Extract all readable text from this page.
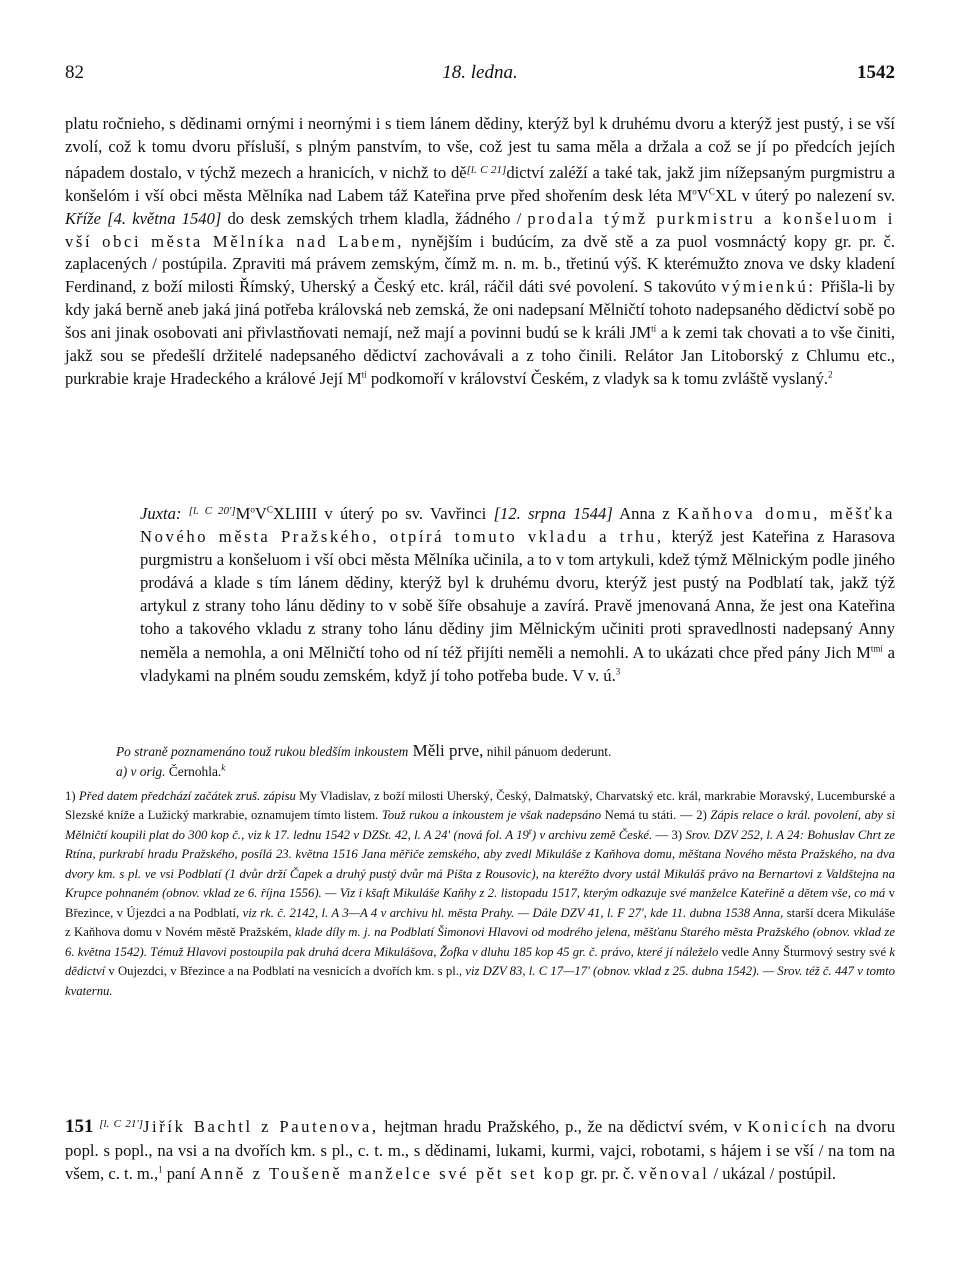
82	18. ledna.	1542

platu ročnieho, s dědinami ornými i neornými i s tiem lánem dědiny, kterýž byl k druhému dvoru a kterýž jest pustý, i se vší zvolí, což k tomu dvoru přísluší, s plným panstvím, to vše, což jest tu sama měla a držala a což se jí po předcích jejích nápadem dostalo, v týchž mezech a hranicích, v nichž to dě[l. C 21]dictví zaléží a také tak, jakž jim nížepsaným purgmistru a konšelóm i vší obci města Mělníka nad Labem táž Kateřina prve před shořením desk léta $M^oV^CXL$ v úterý po nalezení sv. Kříže [4. května 1540] do desk zemských trhem kladla, žádného / prodala týmž purkmistru a konšeluom i vší obci města Mělníka nad Labem, nynějším i budúcím, za dvě stě a za puol vosmnáctý kopy gr. pr. č. zaplacených / postúpila. Zpraviti má právem zemským, čímž m. n. m. b., třetinú výš. K kterémužto znova ve dsky kladení Ferdinand, z boží milosti Římský, Uherský a Český etc. král, ráčil dáti své povolení. S takovúto výmienkú: Přišla-li by kdy jaká berně aneb jaká jiná potřeba královská neb zemská, že oni nadepsaní Mělničtí tohoto nadepsaného dědictví sobě po šos ani jinak osobovati ani přivlastňovati nemají, než mají a povinni budú se k králi $JM^{tí}$ a k zemi tak chovati a to vše činiti, jakž sou se předešlí držitelé nadepsaného dědictví zachovávali a z toho činili. Relátor Jan Litoborský z Chlumu etc., purkrabie kraje Hradeckého a králové Její $M^{tí}$ podkomoří v království Českém, z vladyk sa k tomu zvláště vyslaný.$^2$

Juxta: $[l. C 20']M^oV^CXLIIII$ v úterý po sv. Vavřinci [12. srpna 1544] Anna z Kaňhova domu, měšťka Nového města Pražského, otpírá tomuto vkladu a trhu, kterýž jest Kateřina z Harasova purgmistru a konšeluom i vší obci města Mělníka učinila, a to v tom artykuli, kdež týmž Mělnickým podle jiného prodává a klade s tím lánem dědiny, kterýž byl k druhému dvoru, kterýž jest pustý na Podblatí tak, jakž týž artykul z strany toho lánu dědiny to v sobě šíře obsahuje a zavírá. Pravě jmenovaná Anna, že jest ona Kateřina toho a takového vkladu z strany toho lánu dědiny jim Mělnickým učiniti proti spravedlnosti nadepsaný Anny neměla a nemohla, a oni Mělničtí toho od ní též přijíti neměli a nemohli. A to ukázati chce před pány Jich $M^{tmí}$ a vladykami na plném soudu zemském, když jí toho potřeba bude. V v. ú.$^3$

Po straně poznamenáno touž rukou bledším inkoustem Měli prve, nihil pánuom dederunt.

a) v orig. Černohla.$^k$

1) Před datem předchází začátek zruš. zápisu My Vladislav, z boží milosti Uherský, Český, Dalmatský, Charvatský etc. král, markrabie Moravský, Lucemburské a Slezské kníže a Lužický markrabie, oznamujem tímto listem. Touž rukou a inkoustem je však nadepsáno Nemá tu státi. — 2) Zápis relace o král. povolení, aby si Mělničtí koupili plat do 300 kop č., viz k 17. lednu 1542 v DZSt. 42, l. A 24' (nová fol. A 19$^r$) v archivu země České. — 3) Srov. DZV 252, l. A 24: Bohuslav Chrt ze Rtína, purkrabí hradu Pražského, posílá 23. května 1516 Jana měřiče zemského, aby zvedl Mikuláše z Kaňhova domu, měštana Nového města Pražského, na dva dvory km. s pl. ve vsi Podblatí (1 dvůr drží Čapek a druhý pustý dvůr má Pišta z Rousovic), na kteréžto dvory ustál Mikuláš právo na Bernartovi z Valdštejna na Krupce pohnaném (obnov. vklad ze 6. října 1556). — Viz i kšaft Mikuláše Kaňhy z 2. listopadu 1517, kterým odkazuje své manželce Kateřině a dětem vše, co má v Březince, v Újezdci a na Podblatí, viz rk. č. 2142, l. A 3—A 4 v archivu hl. města Prahy. — Dále DZV 41, l. F 27', kde 11. dubna 1538 Anna, starší dcera Mikuláše z Kaňhova domu v Novém městě Pražském, klade díly m. j. na Podblatí Šimonovi Hlavovi od modrého jelena, měšťanu Starého města Pražského (obnov. vklad ze 6. května 1542). Témuž Hlavovi postoupila pak druhá dcera Mikulášova, Žofka v dluhu 185 kop 45 gr. č. právo, které jí náleželo vedle Anny Šturmový sestry své k dědictví v Oujezdci, v Březince a na Podblatí na vesnicích a dvořích km. s pl., viz DZV 83, l. C 17—17' (obnov. vklad z 25. dubna 1542). — Srov. též č. 447 v tomto kvaternu.

151 [l. C 21']Jiřík Bachtl z Pautenova, hejtman hradu Pražského, p., že na dědictví svém, v Konicích na dvoru popl. s popl., na vsi a na dvořích km. s pl., c. t. m., s dědinami, lukami, kurmi, vajci, robotami, s hájem i se vší / na tom na všem, c. t. m.,$^1$ paní Anně z Toušeně manželce své pět set kop gr. pr. č. věnoval / ukázal / postúpil.
